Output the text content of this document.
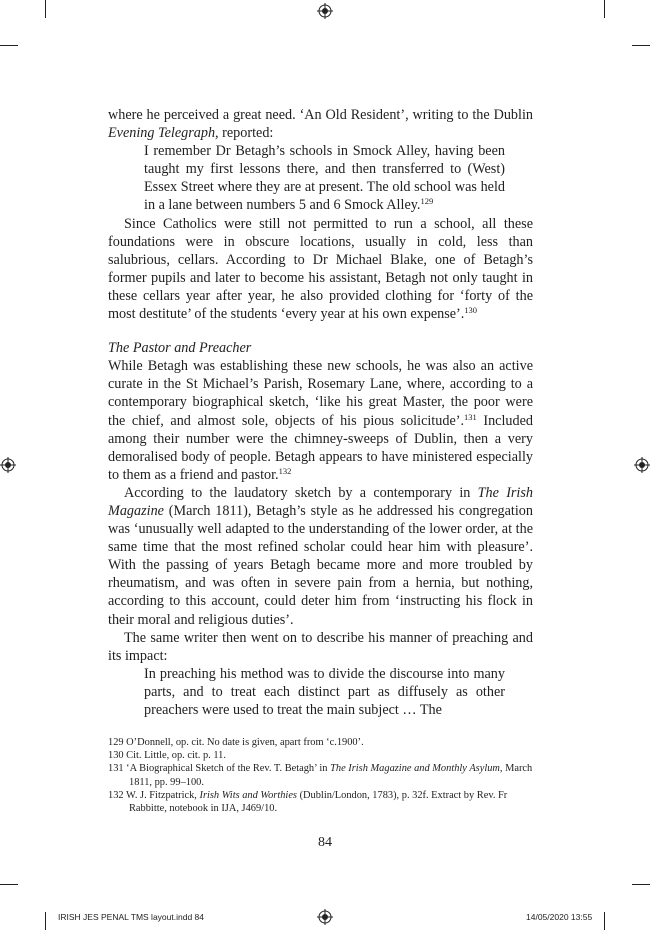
where he perceived a great need. ‘An Old Resident’, writing to the Dublin Evening Telegraph, reported:

I remember Dr Betagh’s schools in Smock Alley, having been taught my first lessons there, and then transferred to (West) Essex Street where they are at present. The old school was held in a lane between numbers 5 and 6 Smock Alley.$^{129}$

Since Catholics were still not permitted to run a school, all these foundations were in obscure locations, usually in cold, less than salubrious, cellars. According to Dr Michael Blake, one of Betagh’s former pupils and later to become his assistant, Betagh not only taught in these cellars year after year, he also provided clothing for ‘forty of the most destitute’ of the students ‘every year at his own expense’.$^{130}$

The Pastor and Preacher

While Betagh was establishing these new schools, he was also an active curate in the St Michael’s Parish, Rosemary Lane, where, according to a contemporary biographical sketch, ‘like his great Master, the poor were the chief, and almost sole, objects of his pious solicitude’.$^{131}$ Included among their number were the chimney-sweeps of Dublin, then a very demoralised body of people. Betagh appears to have ministered especially to them as a friend and pastor.$^{132}$

According to the laudatory sketch by a contemporary in The Irish Magazine (March 1811), Betagh’s style as he addressed his congregation was ‘unusually well adapted to the understanding of the lower order, at the same time that the most refined scholar could hear him with pleasure’. With the passing of years Betagh became more and more troubled by rheumatism, and was often in severe pain from a hernia, but nothing, according to this account, could deter him from ‘instructing his flock in their moral and religious duties’.

The same writer then went on to describe his manner of preaching and its impact:

In preaching his method was to divide the discourse into many parts, and to treat each distinct part as diffusely as other preachers were used to treat the main subject … The

129 O’Donnell, op. cit. No date is given, apart from ‘c.1900’.

130 Cit. Little, op. cit. p. 11.

131 ‘A Biographical Sketch of the Rev. T. Betagh’ in The Irish Magazine and Monthly Asylum, March 1811, pp. 99–100.

132 W. J. Fitzpatrick, Irish Wits and Worthies (Dublin/London, 1783), p. 32f. Extract by Rev. Fr Rabbitte, notebook in IJA, J469/10.

84
IRISH JES PENAL TMS layout.indd 84	14/05/2020 13:55
